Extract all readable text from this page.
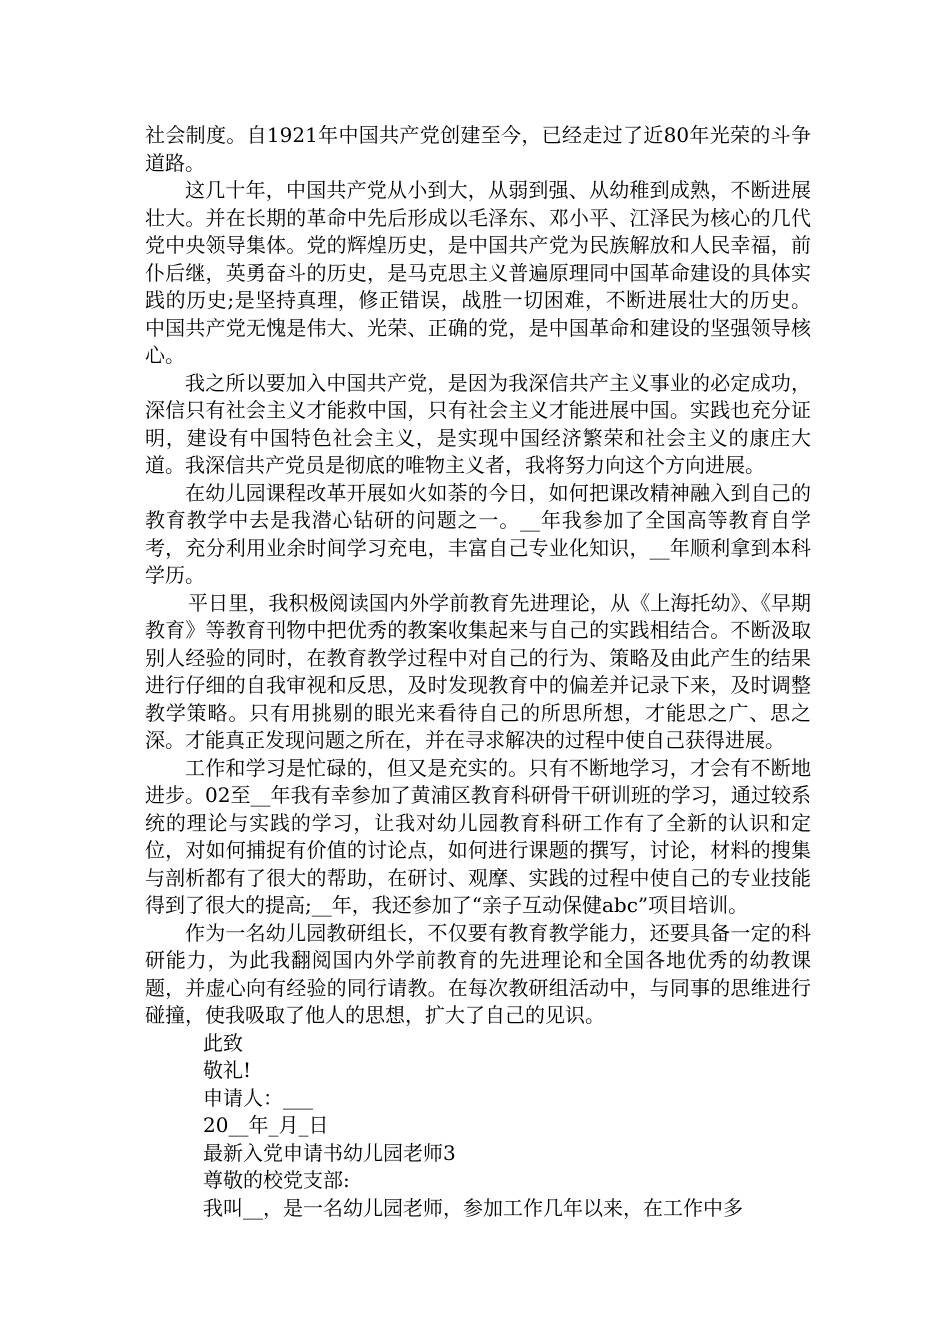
社会制度。自1921年中国共产党创建至今，已经走过了近80年光荣的斗争道路。

这几十年，中国共产党从小到大，从弱到强、从幼稚到成熟，不断进展壮大。并在长期的革命中先后形成以毛泽东、邓小平、江泽民为核心的几代党中央领导集体。党的辉煌历史，是中国共产党为民族解放和人民幸福，前仆后继，英勇奋斗的历史，是马克思主义普遍原理同中国革命建设的具体实践的历史;是坚持真理，修正错误，战胜一切困难，不断进展壮大的历史。中国共产党无愧是伟大、光荣、正确的党，是中国革命和建设的坚强领导核心。

我之所以要加入中国共产党，是因为我深信共产主义事业的必定成功，深信只有社会主义才能救中国，只有社会主义才能进展中国。实践也充分证明，建设有中国特色社会主义，是实现中国经济繁荣和社会主义的康庄大道。我深信共产党员是彻底的唯物主义者，我将努力向这个方向进展。

在幼儿园课程改革开展如火如荼的今日，如何把课改精神融入到自己的教育教学中去是我潜心钻研的问题之一。__年我参加了全国高等教育自学考，充分利用业余时间学习充电，丰富自己专业化知识，__年顺利拿到本科学历。

平日里，我积极阅读国内外学前教育先进理论，从《上海托幼》、《早期教育》等教育刊物中把优秀的教案收集起来与自己的实践相结合。不断汲取别人经验的同时，在教育教学过程中对自己的行为、策略及由此产生的结果进行仔细的自我审视和反思，及时发现教育中的偏差并记录下来，及时调整教学策略。只有用挑剔的眼光来看待自己的所思所想，才能思之广、思之深。才能真正发现问题之所在，并在寻求解决的过程中使自己获得进展。

工作和学习是忙碌的，但又是充实的。只有不断地学习，才会有不断地进步。02至__年我有幸参加了黄浦区教育科研骨干研训班的学习，通过较系统的理论与实践的学习，让我对幼儿园教育科研工作有了全新的认识和定位，对如何捕捉有价值的讨论点，如何进行课题的撰写，讨论，材料的搜集与剖析都有了很大的帮助，在研讨、观摩、实践的过程中使自己的专业技能得到了很大的提高;__年，我还参加了“亲子互动保健abc”项目培训。

作为一名幼儿园教研组长，不仅要有教育教学能力，还要具备一定的科研能力，为此我翻阅国内外学前教育的先进理论和全国各地优秀的幼教课题，并虚心向有经验的同行请教。在每次教研组活动中，与同事的思维进行碰撞，使我吸取了他人的思想，扩大了自己的见识。

此致

敬礼!

申请人：___

20__年_月_日

最新入党申请书幼儿园老师3

尊敬的校党支部:

我叫__，是一名幼儿园老师，参加工作几年以来，在工作中多
